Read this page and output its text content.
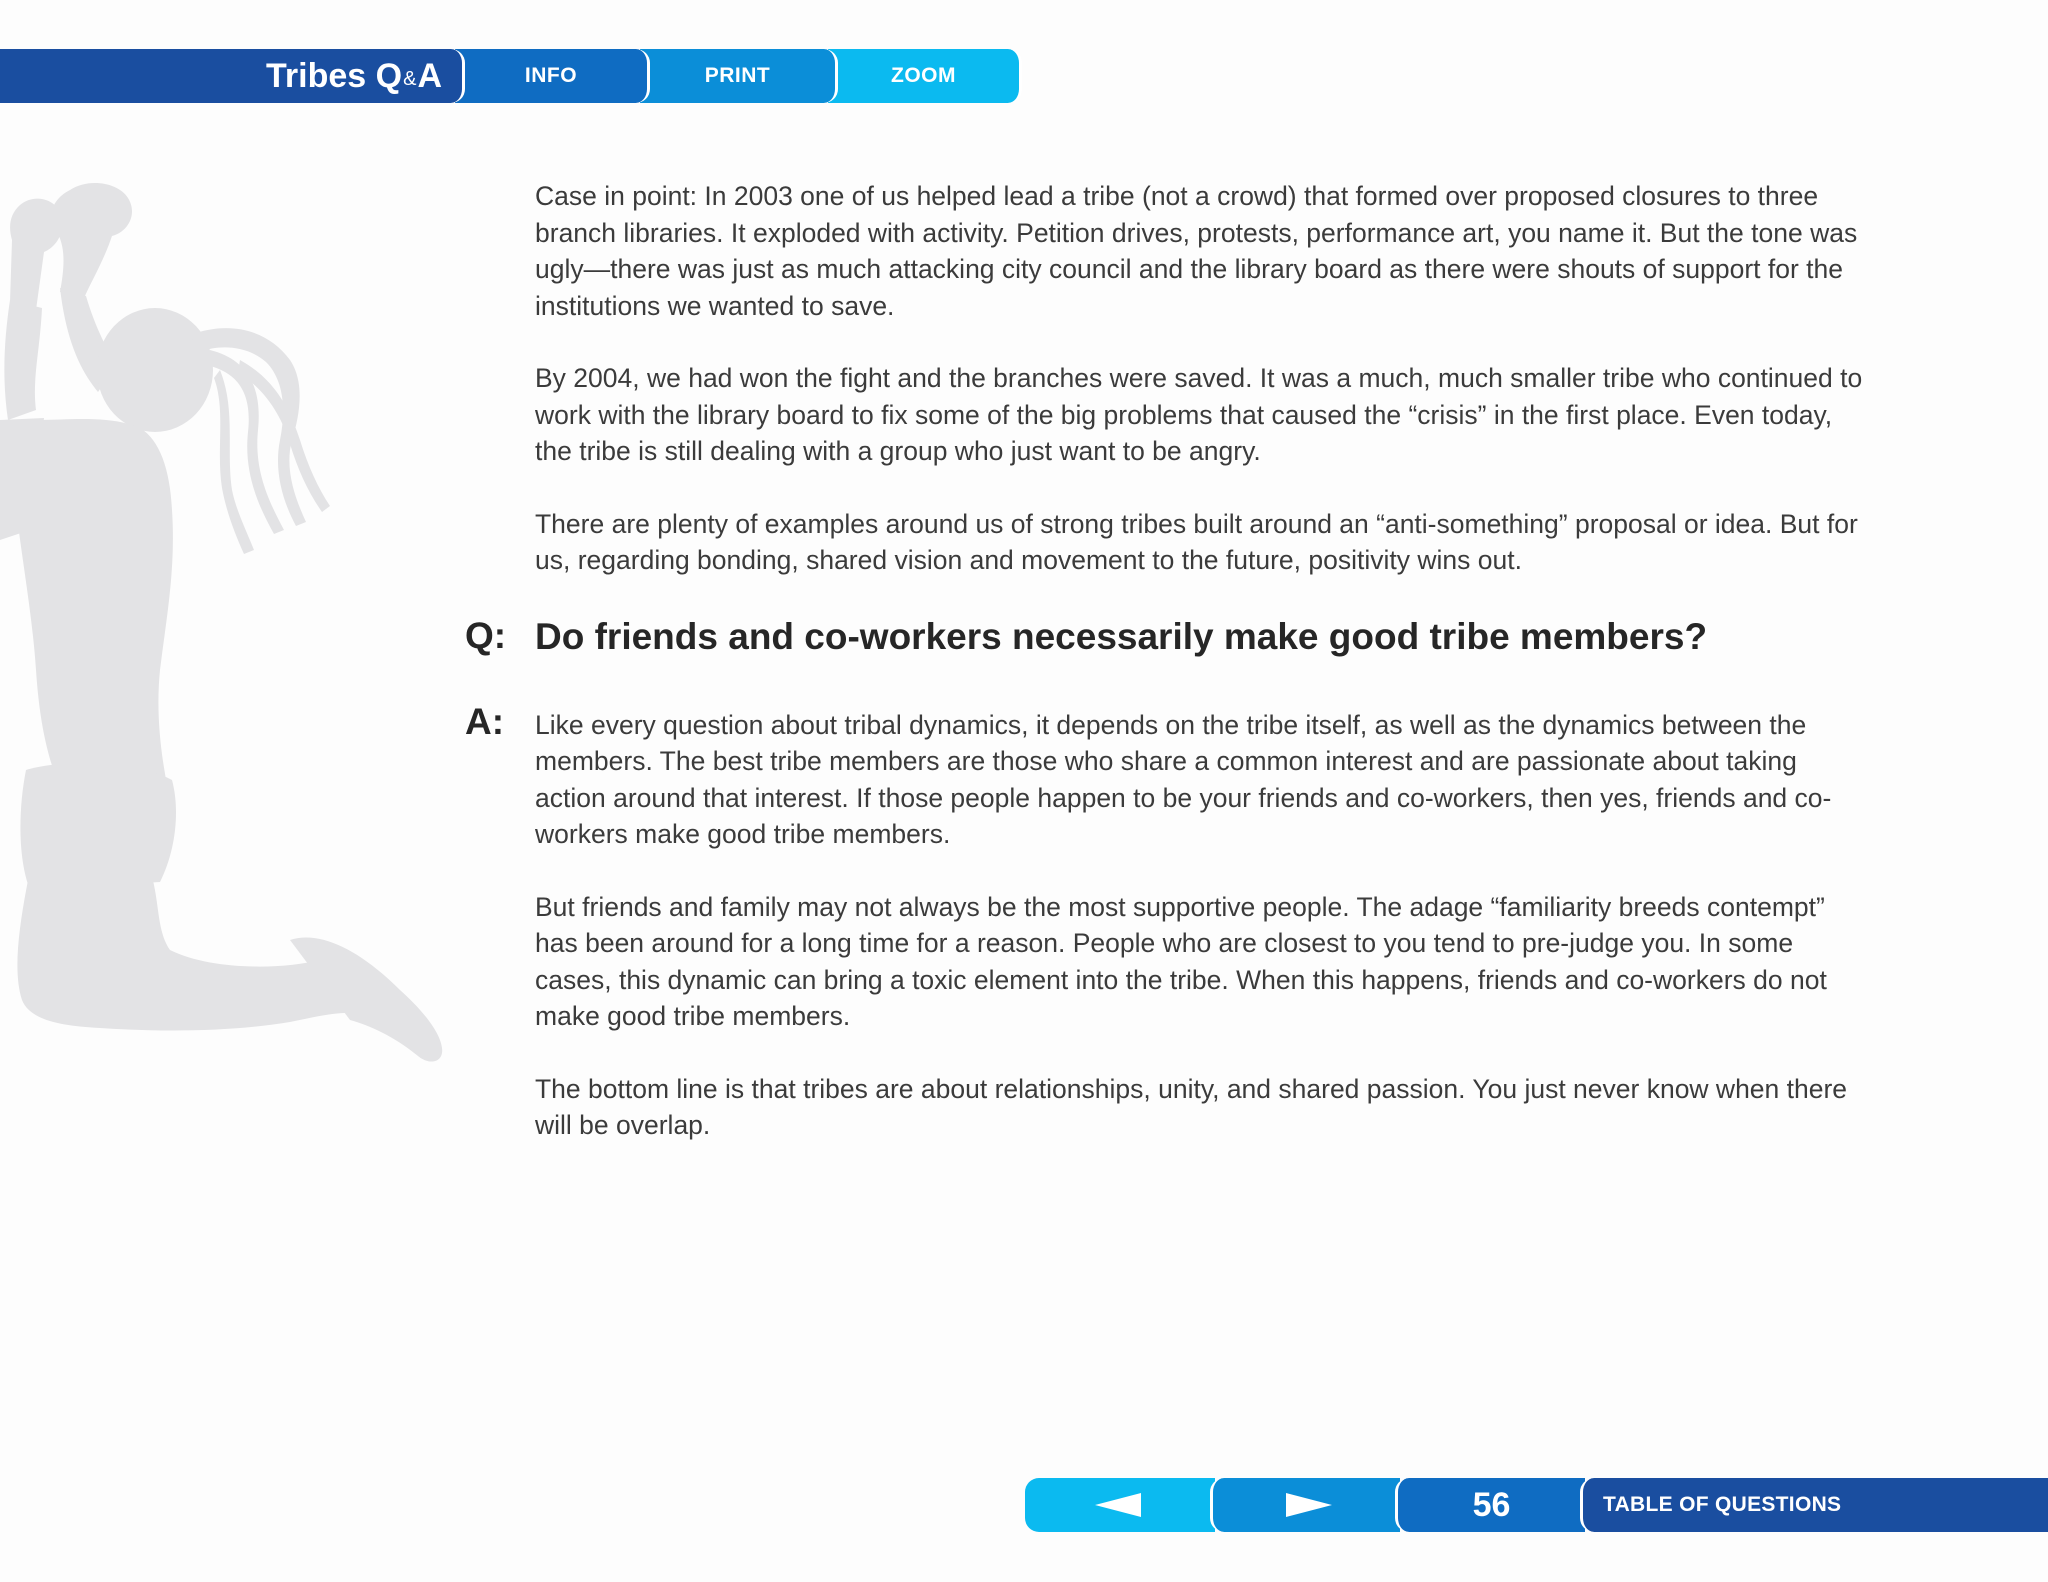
Tribes Q & A	INFO	PRINT	ZOOM

Case in point: In 2003 one of us helped lead a tribe (not a crowd) that formed over proposed closures to three branch libraries. It exploded with activity. Petition drives, protests, performance art, you name it. But the tone was ugly—there was just as much attacking city council and the library board as there were shouts of support for the institutions we wanted to save.

By 2004, we had won the fight and the branches were saved. It was a much, much smaller tribe who continued to work with the library board to fix some of the big problems that caused the “crisis” in the first place. Even today, the tribe is still dealing with a group who just want to be angry.

There are plenty of examples around us of strong tribes built around an “anti-something” proposal or idea. But for us, regarding bonding, shared vision and movement to the future, positivity wins out.

Q: Do friends and co-workers necessarily make good tribe members?
A: Like every question about tribal dynamics, it depends on the tribe itself, as well as the dynamics between the members. The best tribe members are those who share a common interest and are passionate about taking action around that interest. If those people happen to be your friends and co-workers, then yes, friends and co-workers make good tribe members.

But friends and family may not always be the most supportive people. The adage “familiarity breeds contempt” has been around for a long time for a reason. People who are closest to you tend to pre-judge you. In some cases, this dynamic can bring a toxic element into the tribe. When this happens, friends and co-workers do not make good tribe members.

The bottom line is that tribes are about relationships, unity, and shared passion. You just never know when there will be overlap.

56	TABLE OF QUESTIONS
